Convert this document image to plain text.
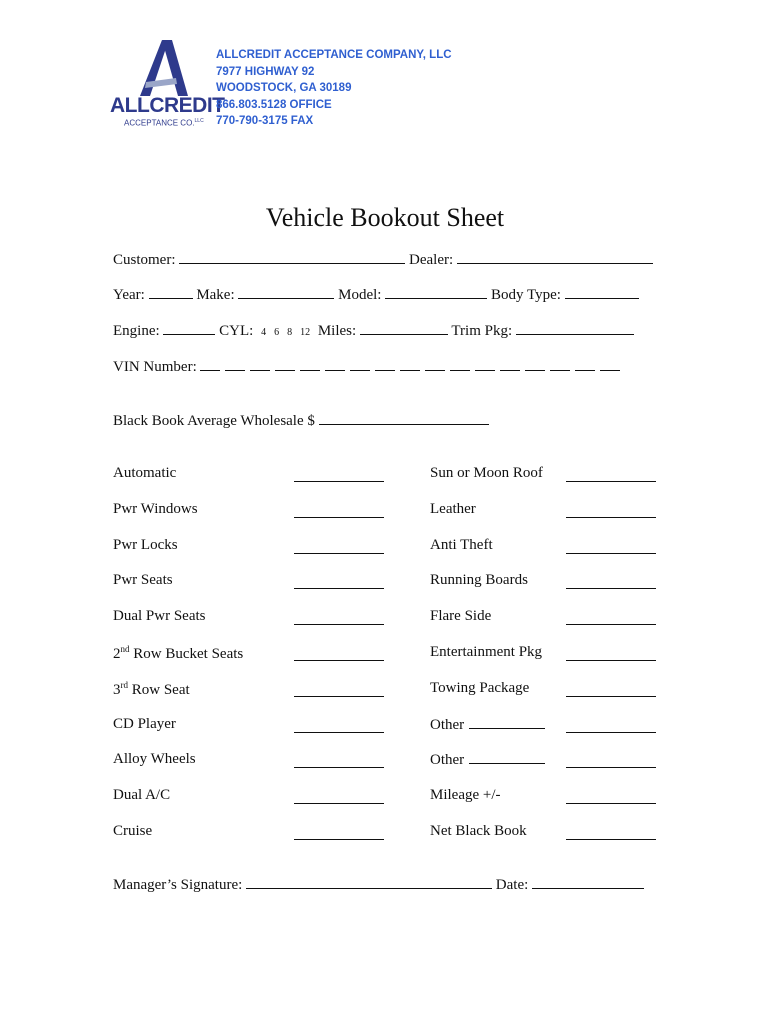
ALLCREDIT
ACCEPTANCE CO.$^{LLC}$
ALLCREDIT ACCEPTANCE COMPANY, LLC
7977 HIGHWAY 92
WOODSTOCK, GA 30189
866.803.5128 OFFICE
770-790-3175 FAX
Vehicle Bookout Sheet
Customer:	Dealer:
Year:	Make:	Model:	Body Type:
Engine:	CYL: 4 6 8 12 Miles:	Trim Pkg:
VIN Number:
Black Book Average Wholesale $
Automatic
Pwr Windows
Pwr Locks
Pwr Seats
Dual Pwr Seats
2nd Row Bucket Seats
3rd Row Seat
CD Player
Alloy Wheels
Dual A/C
Cruise
Sun or Moon Roof
Leather
Anti Theft
Running Boards
Flare Side
Entertainment Pkg
Towing Package
Other
Other
Mileage +/-
Net Black Book
Manager’s Signature:	Date:
